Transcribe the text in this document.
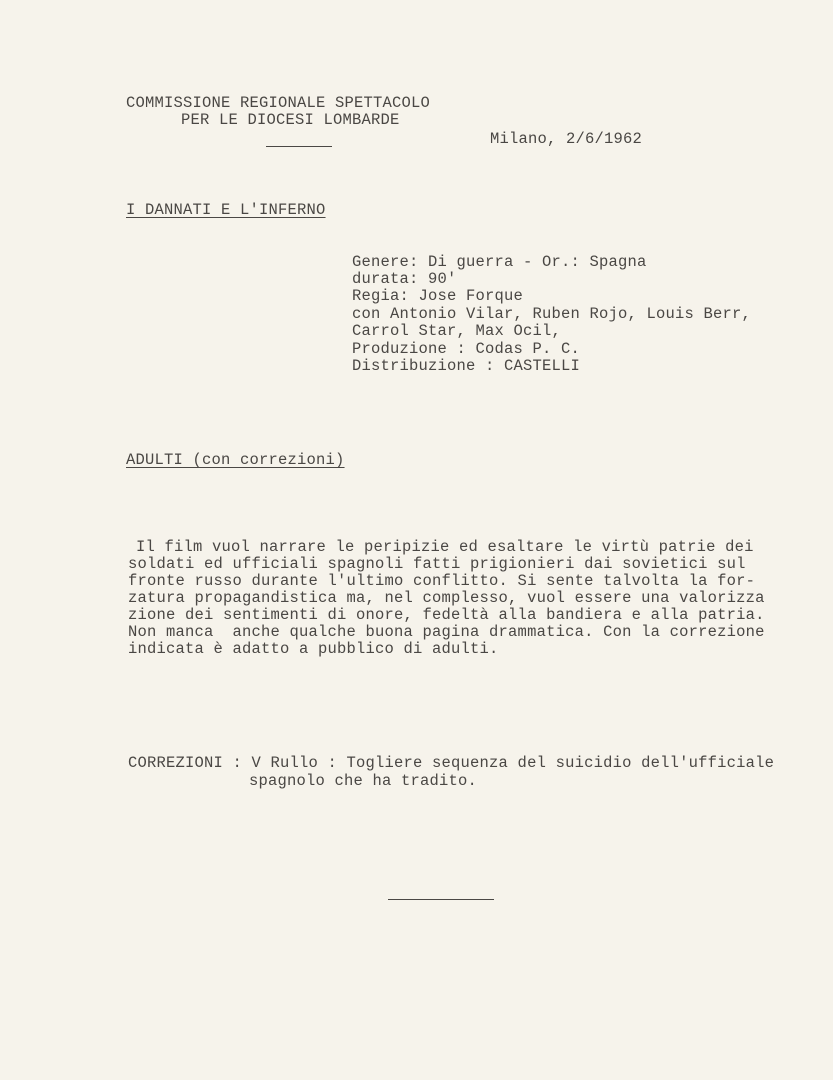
COMMISSIONE REGIONALE SPETTACOLO
PER LE DIOCESI LOMBARDE
Milano, 2/6/1962
I DANNATI E L'INFERNO
Genere: Di guerra - Or.: Spagna
durata: 90'
Regia: Jose Forque
con Antonio Vilar, Ruben Rojo, Louis Berr,
Carrol Star, Max Ocil,
Produzione : Codas P. C.
Distribuzione : CASTELLI
ADULTI (con correzioni)
Il film vuol narrare le peripizie ed esaltare le virtù patrie dei
soldati ed ufficiali spagnoli fatti prigionieri dai sovietici sul
fronte russo durante l'ultimo conflitto. Si sente talvolta la for-
zatura propagandistica ma, nel complesso, vuol essere una valorizza
zione dei sentimenti di onore, fedeltà alla bandiera e alla patria.
Non manca  anche qualche buona pagina drammatica. Con la correzione
indicata è adatto a pubblico di adulti.
CORREZIONI : V Rullo : Togliere sequenza del suicidio dell'ufficiale
spagnolo che ha tradito.
